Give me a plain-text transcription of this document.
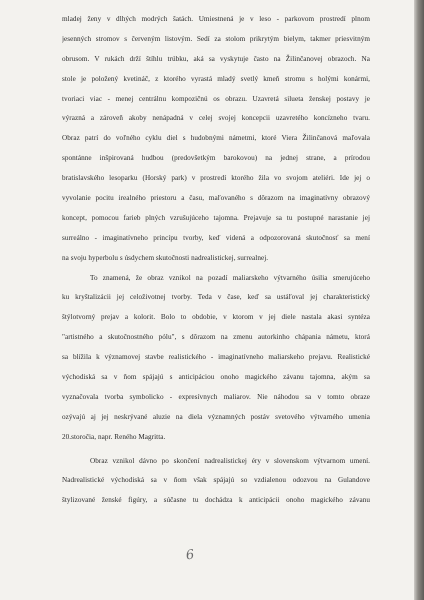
mladej ženy v dlhých modrých šatách. Umiestnená je v leso - parkovom prostredí plnom
jesenných stromov s červeným listovým. Sedí za stolom prikrytým bielym, takmer priesvitným
obrusom. V rukách drží štíhlu trúbku, aká sa vyskytuje často na Žilinčanovej obrazoch. Na
stole je položený kvetináč, z ktorého vyrastá mladý svetlý kmeň stromu s holými konármi,
tvoriaci viac - menej centrálnu kompozičnú os obrazu. Uzavretá silueta ženskej postavy je
výrazná a zároveň akoby nenápadná v celej svojej koncepcii uzavretého koncízneho tvaru.
Obraz patrí do voľného cyklu diel s hudobnými námetmi, ktoré Viera Žilinčanová maľovala
spontánne inšpirovaná hudbou (predovšetkým barokovou) na jednej strane, a prírodou
bratislavského lesoparku (Horský park) v prostredí ktorého žila vo svojom ateliéri. Ide jej o
vyvolanie pocitu irealného priestoru a času, maľovaného s dôrazom na imaginatívny obrazový
koncept, pomocou farieb plných vzrušujúceho tajomna. Prejavuje sa tu postupné narastanie jej
surreálno - imaginatívneho princípu tvorby, keď videná a odpozorovaná skutočnosť sa mení
na svoju hyperbolu s úsdychem skutočnosti nadrealistickej, surrealnej.
To znamená, že obraz vznikol na pozadí maliarskeho výtvarného úsilia smerujúceho
ku kryštalizácii jej celoživotnej tvorby. Teda v čase, keď sa ustáľoval jej charakteristický
štýlotvorný prejav a kolorit. Bolo to obdobie, v ktorom v jej diele nastala akasi syntéza
"artistného a skutočnostného pólu", s dôrazom na zmenu autorkinho chápania námetu, ktorá
sa blížila k významovej stavbe realistického - imaginatívneho maliarskeho prejavu. Realistické
východiská sa v ňom spájajú s anticipáciou onoho magického závanu tajomna, akým sa
vyznačovala tvorba symbolicko - expresívnych maliarov. Nie náhodou sa v tomto obraze
ozývajú aj jej neskrývané aluzie na diela významných postáv svetového výtvarného umenia
20.storočia, napr. Reného Magritta.
Obraz vznikol dávno po skončení nadrealistickej éry v slovenskom výtvarnom umení.
Nadrealistické východiská sa v ňom však spájajú so vzdialenou odozvou na Gulandove
štylizované ženské figúry, a súčasne tu dochádza k anticipácii onoho magického závanu
6
